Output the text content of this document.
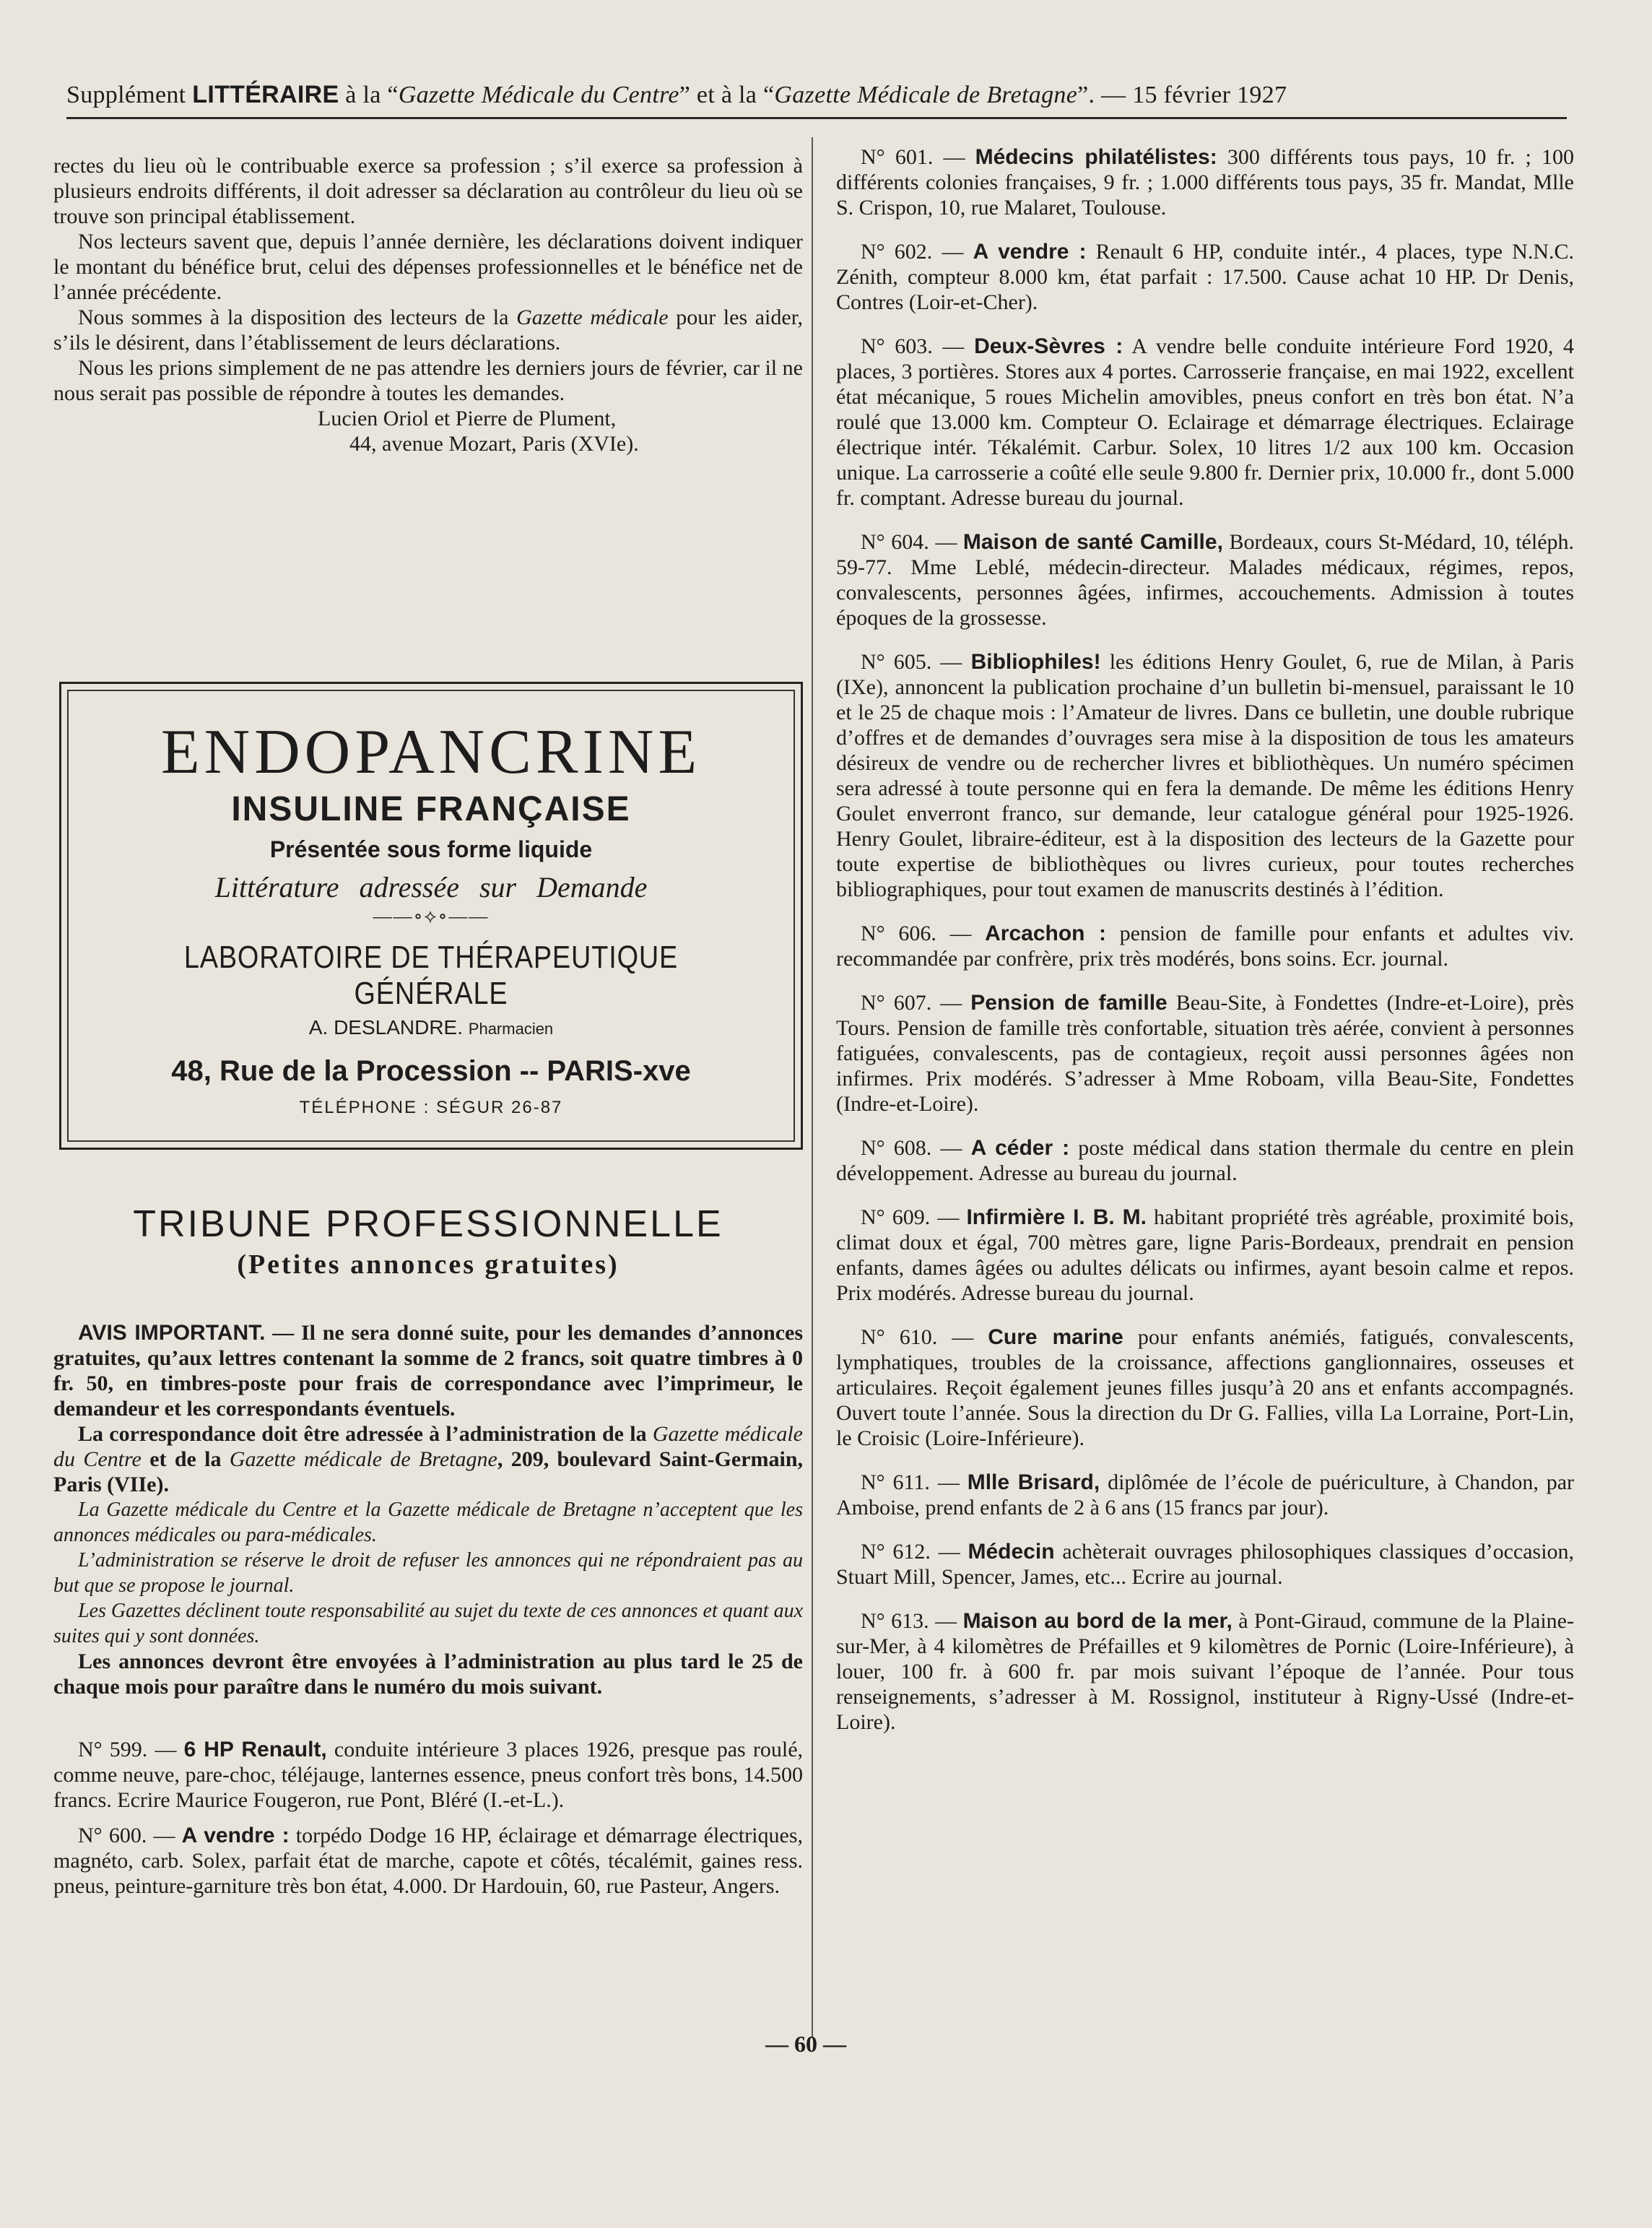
Supplément LITTÉRAIRE à la “Gazette Médicale du Centre” et à la “Gazette Médicale de Bretagne”. — 15 février 1927

rectes du lieu où le contribuable exerce sa profession ; s’il exerce sa profession à plusieurs endroits différents, il doit adresser sa déclaration au contrôleur du lieu où se trouve son principal établissement.

Nos lecteurs savent que, depuis l’année dernière, les déclarations doivent indiquer le montant du bénéfice brut, celui des dépenses professionnelles et le bénéfice net de l’année précédente.

Nous sommes à la disposition des lecteurs de la Gazette médicale pour les aider, s’ils le désirent, dans l’établissement de leurs déclarations.

Nous les prions simplement de ne pas attendre les derniers jours de février, car il ne nous serait pas possible de répondre à toutes les demandes.

Lucien Oriol et Pierre de Plument,

44, avenue Mozart, Paris (XVIe).

ENDOPANCRINE
INSULINE FRANÇAISE
Présentée sous forme liquide
Littérature adressée sur Demande
——∘⟡∘——
LABORATOIRE DE THÉRAPEUTIQUE GÉNÉRALE
A. DESLANDRE. Pharmacien
48, Rue de la Procession -- PARIS-xve
TÉLÉPHONE : SÉGUR 26-87
TRIBUNE PROFESSIONNELLE
(Petites annonces gratuites)

AVIS IMPORTANT. — Il ne sera donné suite, pour les demandes d’annonces gratuites, qu’aux lettres contenant la somme de 2 francs, soit quatre timbres à 0 fr. 50, en timbres-poste pour frais de correspondance avec l’imprimeur, le demandeur et les correspondants éventuels.

La correspondance doit être adressée à l’administration de la Gazette médicale du Centre et de la Gazette médicale de Bretagne, 209, boulevard Saint-Germain, Paris (VIIe).

La Gazette médicale du Centre et la Gazette médicale de Bretagne n’acceptent que les annonces médicales ou para-médicales.

L’administration se réserve le droit de refuser les annonces qui ne répondraient pas au but que se propose le journal.

Les Gazettes déclinent toute responsabilité au sujet du texte de ces annonces et quant aux suites qui y sont données.

Les annonces devront être envoyées à l’administration au plus tard le 25 de chaque mois pour paraître dans le numéro du mois suivant.

N° 599. — 6 HP Renault, conduite intérieure 3 places 1926, presque pas roulé, comme neuve, pare-choc, téléjauge, lanternes essence, pneus confort très bons, 14.500 francs. Ecrire Maurice Fougeron, rue Pont, Bléré (I.-et-L.).

N° 600. — A vendre : torpédo Dodge 16 HP, éclairage et démarrage électriques, magnéto, carb. Solex, parfait état de marche, capote et côtés, técalémit, gaines ress. pneus, peinture-garniture très bon état, 4.000. Dr Hardouin, 60, rue Pasteur, Angers.

N° 601. — Médecins philatélistes: 300 différents tous pays, 10 fr. ; 100 différents colonies françaises, 9 fr. ; 1.000 différents tous pays, 35 fr. Mandat, Mlle S. Crispon, 10, rue Malaret, Toulouse.

N° 602. — A vendre : Renault 6 HP, conduite intér., 4 places, type N.N.C. Zénith, compteur 8.000 km, état parfait : 17.500. Cause achat 10 HP. Dr Denis, Contres (Loir-et-Cher).

N° 603. — Deux-Sèvres : A vendre belle conduite intérieure Ford 1920, 4 places, 3 portières. Stores aux 4 portes. Carrosserie française, en mai 1922, excellent état mécanique, 5 roues Michelin amovibles, pneus confort en très bon état. N’a roulé que 13.000 km. Compteur O. Eclairage et démarrage électriques. Eclairage électrique intér. Tékalémit. Carbur. Solex, 10 litres 1/2 aux 100 km. Occasion unique. La carrosserie a coûté elle seule 9.800 fr. Dernier prix, 10.000 fr., dont 5.000 fr. comptant. Adresse bureau du journal.

N° 604. — Maison de santé Camille, Bordeaux, cours St-Médard, 10, téléph. 59-77. Mme Leblé, médecin-directeur. Malades médicaux, régimes, repos, convalescents, personnes âgées, infirmes, accouchements. Admission à toutes époques de la grossesse.

N° 605. — Bibliophiles! les éditions Henry Goulet, 6, rue de Milan, à Paris (IXe), annoncent la publication prochaine d’un bulletin bi-mensuel, paraissant le 10 et le 25 de chaque mois : l’Amateur de livres. Dans ce bulletin, une double rubrique d’offres et de demandes d’ouvrages sera mise à la disposition de tous les amateurs désireux de vendre ou de rechercher livres et bibliothèques. Un numéro spécimen sera adressé à toute personne qui en fera la demande. De même les éditions Henry Goulet enverront franco, sur demande, leur catalogue général pour 1925-1926. Henry Goulet, libraire-éditeur, est à la disposition des lecteurs de la Gazette pour toute expertise de bibliothèques ou livres curieux, pour toutes recherches bibliographiques, pour tout examen de manuscrits destinés à l’édition.

N° 606. — Arcachon : pension de famille pour enfants et adultes viv. recommandée par confrère, prix très modérés, bons soins. Ecr. journal.

N° 607. — Pension de famille Beau-Site, à Fondettes (Indre-et-Loire), près Tours. Pension de famille très confortable, situation très aérée, convient à personnes fatiguées, convalescents, pas de contagieux, reçoit aussi personnes âgées non infirmes. Prix modérés. S’adresser à Mme Roboam, villa Beau-Site, Fondettes (Indre-et-Loire).

N° 608. — A céder : poste médical dans station thermale du centre en plein développement. Adresse au bureau du journal.

N° 609. — Infirmière I. B. M. habitant propriété très agréable, proximité bois, climat doux et égal, 700 mètres gare, ligne Paris-Bordeaux, prendrait en pension enfants, dames âgées ou adultes délicats ou infirmes, ayant besoin calme et repos. Prix modérés. Adresse bureau du journal.

N° 610. — Cure marine pour enfants anémiés, fatigués, convalescents, lymphatiques, troubles de la croissance, affections ganglionnaires, osseuses et articulaires. Reçoit également jeunes filles jusqu’à 20 ans et enfants accompagnés. Ouvert toute l’année. Sous la direction du Dr G. Fallies, villa La Lorraine, Port-Lin, le Croisic (Loire-Inférieure).

N° 611. — Mlle Brisard, diplômée de l’école de puériculture, à Chandon, par Amboise, prend enfants de 2 à 6 ans (15 francs par jour).

N° 612. — Médecin achèterait ouvrages philosophiques classiques d’occasion, Stuart Mill, Spencer, James, etc... Ecrire au journal.

N° 613. — Maison au bord de la mer, à Pont-Giraud, commune de la Plaine-sur-Mer, à 4 kilomètres de Préfailles et 9 kilomètres de Pornic (Loire-Inférieure), à louer, 100 fr. à 600 fr. par mois suivant l’époque de l’année. Pour tous renseignements, s’adresser à M. Rossignol, instituteur à Rigny-Ussé (Indre-et-Loire).

— 60 —
